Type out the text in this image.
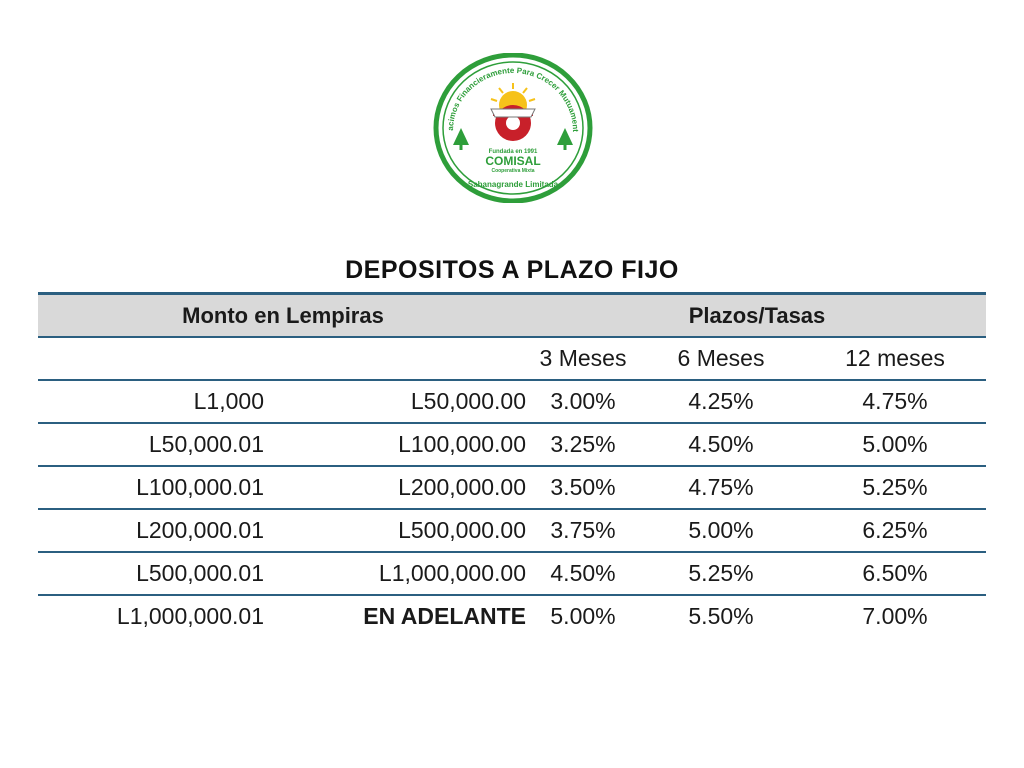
acimos Financieramente Para Crecer Mutuament
Fundada en 1991
COMISAL
Cooperativa Mixta
Sabanagrande Limitada
DEPOSITOS A PLAZO FIJO
Monto en Lempiras		Plazos/Tasas		
		3 Meses	6 Meses	12 meses
L1,000	L50,000.00	3.00%	4.25%	4.75%
L50,000.01	L100,000.00	3.25%	4.50%	5.00%
L100,000.01	L200,000.00	3.50%	4.75%	5.25%
L200,000.01	L500,000.00	3.75%	5.00%	6.25%
L500,000.01	L1,000,000.00	4.50%	5.25%	6.50%
L1,000,000.01	EN ADELANTE	5.00%	5.50%	7.00%
